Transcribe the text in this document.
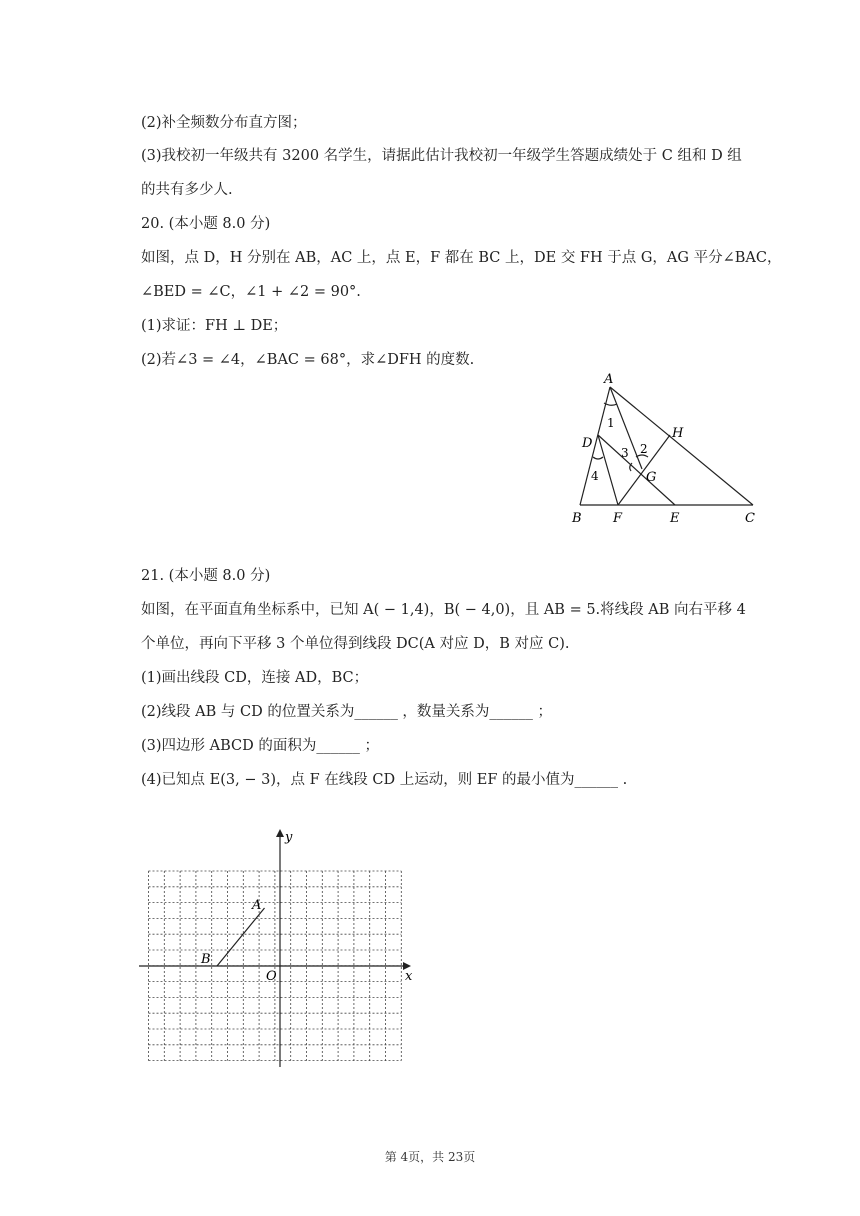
(2)补全频数分布直方图；
(3)我校初一年级共有 3200 名学生，请据此估计我校初一年级学生答题成绩处于 C 组和 D 组
的共有多少人.
20. (本小题 8.0 分)
如图，点 D，H 分别在 AB，AC 上，点 E，F 都在 BC 上，DE 交 FH 于点 G，AG 平分∠BAC，
∠BED = ∠C，∠1 + ∠2 = 90°.
(1)求证：FH ⊥ DE；
(2)若∠3 = ∠4，∠BAC = 68°，求∠DFH 的度数.
A
D
H
G
B F	E	C
1
2
3
4
21. (本小题 8.0 分)
如图，在平面直角坐标系中，已知 A( − 1,4)，B( − 4,0)，且 AB = 5.将线段 AB 向右平移 4
个单位，再向下平移 3 个单位得到线段 DC(A 对应 D，B 对应 C).
(1)画出线段 CD，连接 AD，BC；
(2)线段 AB 与 CD 的位置关系为______ ，数量关系为______ ；
(3)四边形 ABCD 的面积为______ ；
(4)已知点 E(3, − 3)，点 F 在线段 CD 上运动，则 EF 的最小值为______ .
x
y
O
A
B
第 4页，共 23页
